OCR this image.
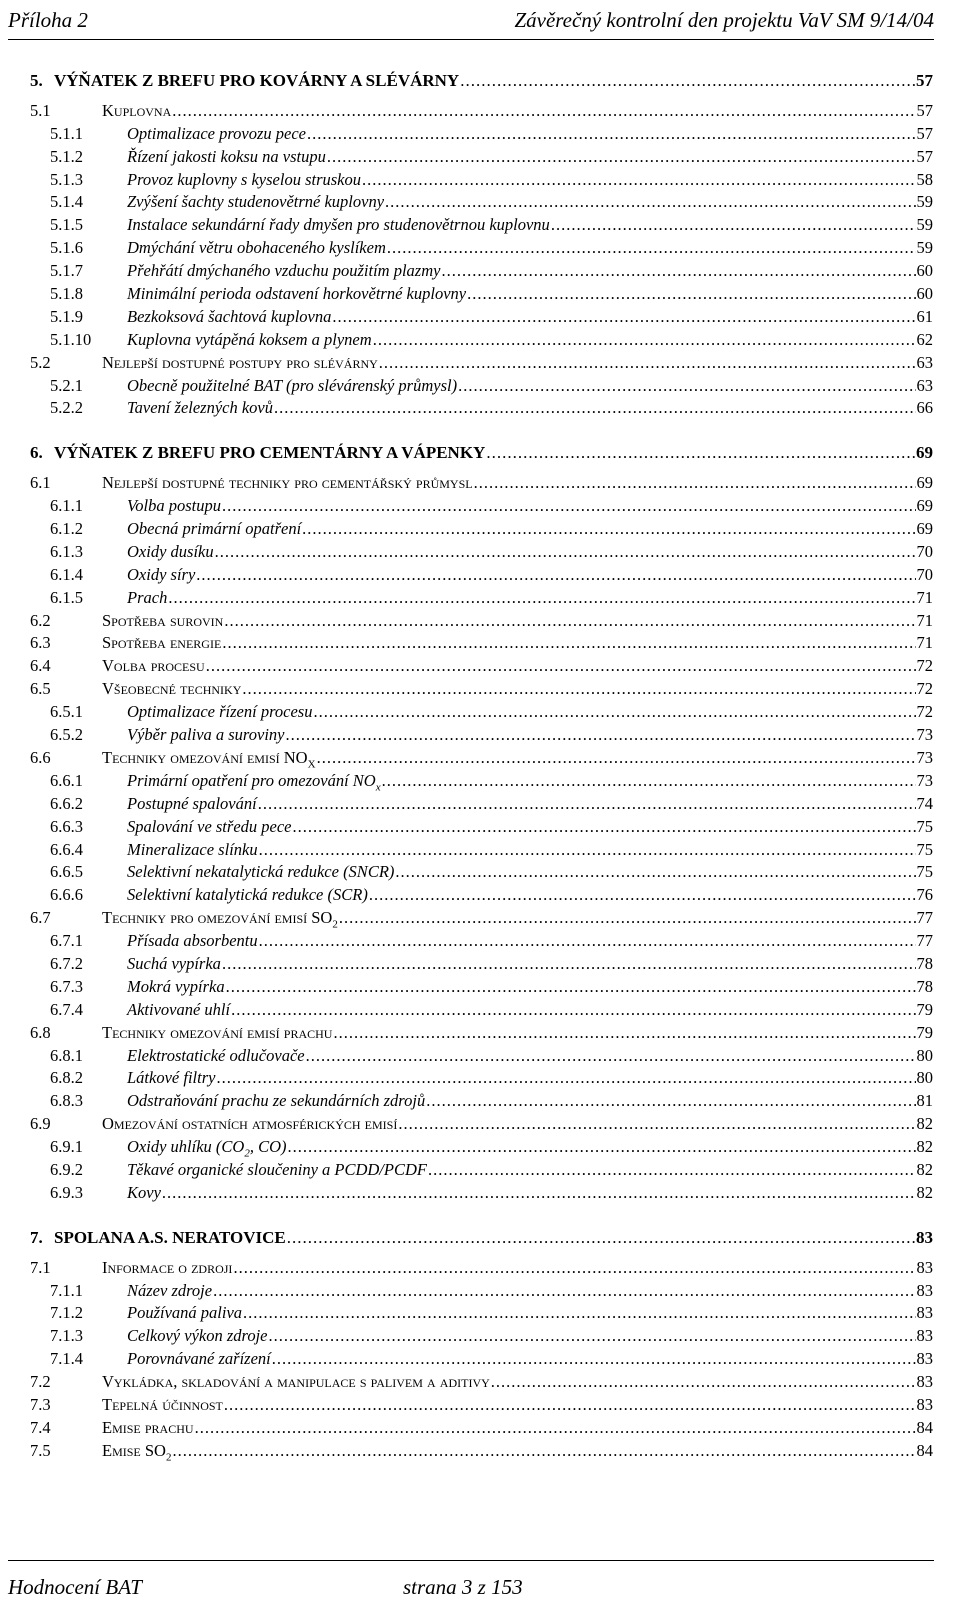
Příloha 2	Závěrečný kontrolní den projektu VaV SM 9/14/04
5. VÝŇATEK Z BREFU PRO KOVÁRNY A SLÉVÁRNY .....	57
5.1	Kuplovna .....	57
5.1.1	Optimalizace provozu pece .....	57
5.1.2	Řízení jakosti koksu na vstupu .....	57
5.1.3	Provoz kuplovny s kyselou struskou .....	58
5.1.4	Zvýšení šachty studenovětrné kuplovny .....	59
5.1.5	Instalace sekundární řady dmyšen pro studenovětrnou kuplovnu .....	59
5.1.6	Dmýchání větru obohaceného kyslíkem .....	59
5.1.7	Přehřátí dmýchaného vzduchu použitím plazmy .....	60
5.1.8	Minimální perioda odstavení horkovětrné kuplovny .....	60
5.1.9	Bezkoksová šachtová kuplovna .....	61
5.1.10 Kuplovna vytápěná koksem a plynem .....	62
5.2	Nejlepší dostupné postupy pro slévárny .....	63
5.2.1	Obecně použitelné BAT (pro slévárenský průmysl) .....	63
5.2.2	Tavení železných kovů .....	66
6. VÝŇATEK Z BREFU PRO CEMENTÁRNY A VÁPENKY .....	69
6.1	Nejlepší dostupné techniky pro cementářský průmysl .....	69
6.1.1	Volba postupu .....	69
6.1.2	Obecná primární opatření .....	69
6.1.3	Oxidy dusíku .....	70
6.1.4	Oxidy síry .....	70
6.1.5	Prach .....	71
6.2	Spotřeba surovin .....	71
6.3	Spotřeba energie .....	71
6.4	Volba procesu .....	72
6.5	Všeobecné techniky .....	72
6.5.1	Optimalizace řízení procesu .....	72
6.5.2	Výběr paliva a suroviny .....	73
6.6	Techniky omezování emisí $NO_X$ .....	73
6.6.1	Primární opatření pro omezování $NO_x$ .....	73
6.6.2	Postupné spalování .....	74
6.6.3	Spalování ve středu pece .....	75
6.6.4	Mineralizace slínku .....	75
6.6.5	Selektivní nekatalytická redukce (SNCR) .....	75
6.6.6	Selektivní katalytická redukce (SCR) .....	76
6.7	Techniky pro omezování emisí $SO_2$ .....	77
6.7.1	Přísada absorbentu .....	77
6.7.2	Suchá vypírka .....	78
6.7.3	Mokrá vypírka .....	78
6.7.4	Aktivované uhlí .....	79
6.8	Techniky omezování emisí prachu .....	79
6.8.1	Elektrostatické odlučovače .....	80
6.8.2	Látkové filtry .....	80
6.8.3	Odstraňování prachu ze sekundárních zdrojů .....	81
6.9	Omezování ostatních atmosférických emisí .....	82
6.9.1	Oxidy uhlíku ($CO_2$, CO) .....	82
6.9.2	Těkavé organické sloučeniny a PCDD/PCDF .....	82
6.9.3	Kovy .....	82
7. SPOLANA A.S. NERATOVICE .....	83
7.1	Informace o zdroji .....	83
7.1.1	Název zdroje .....	83
7.1.2	Používaná paliva .....	83
7.1.3	Celkový výkon zdroje .....	83
7.1.4	Porovnávané zařízení .....	83
7.2	Vykládka, skladování a manipulace s palivem a aditivy .....	83
7.3	Tepelná účinnost .....	83
7.4	Emise prachu .....	84
7.5	Emise $SO_2$ .....	84
Hodnocení BAT	strana 3 z 153
